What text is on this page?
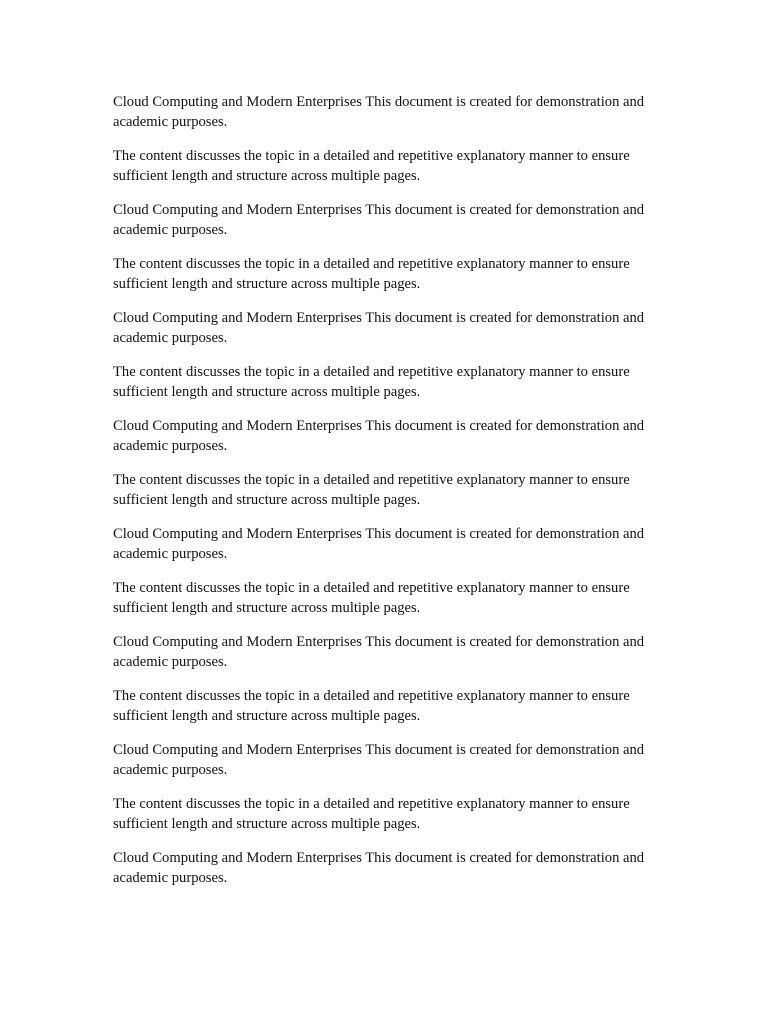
Cloud Computing and Modern Enterprises This document is created for demonstration and academic purposes.

The content discusses the topic in a detailed and repetitive explanatory manner to ensure sufficient length and structure across multiple pages.

Cloud Computing and Modern Enterprises This document is created for demonstration and academic purposes.

The content discusses the topic in a detailed and repetitive explanatory manner to ensure sufficient length and structure across multiple pages.

Cloud Computing and Modern Enterprises This document is created for demonstration and academic purposes.

The content discusses the topic in a detailed and repetitive explanatory manner to ensure sufficient length and structure across multiple pages.

Cloud Computing and Modern Enterprises This document is created for demonstration and academic purposes.

The content discusses the topic in a detailed and repetitive explanatory manner to ensure sufficient length and structure across multiple pages.

Cloud Computing and Modern Enterprises This document is created for demonstration and academic purposes.

The content discusses the topic in a detailed and repetitive explanatory manner to ensure sufficient length and structure across multiple pages.

Cloud Computing and Modern Enterprises This document is created for demonstration and academic purposes.

The content discusses the topic in a detailed and repetitive explanatory manner to ensure sufficient length and structure across multiple pages.

Cloud Computing and Modern Enterprises This document is created for demonstration and academic purposes.

The content discusses the topic in a detailed and repetitive explanatory manner to ensure sufficient length and structure across multiple pages.

Cloud Computing and Modern Enterprises This document is created for demonstration and academic purposes.
